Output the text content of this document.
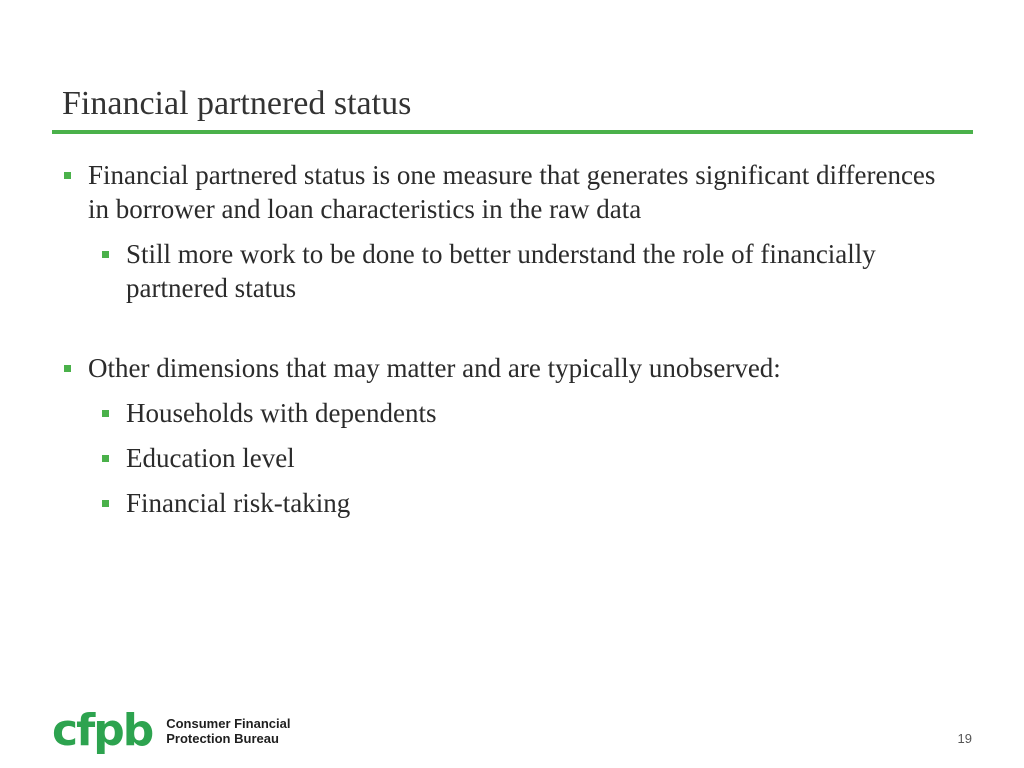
Financial partnered status
Financial partnered status is one measure that generates significant differences in borrower and loan characteristics in the raw data
Still more work to be done to better understand the role of financially partnered status
Other dimensions that may matter and are typically unobserved:
Households with dependents
Education level
Financial risk-taking
cfpb Consumer Financial
Protection Bureau	19
